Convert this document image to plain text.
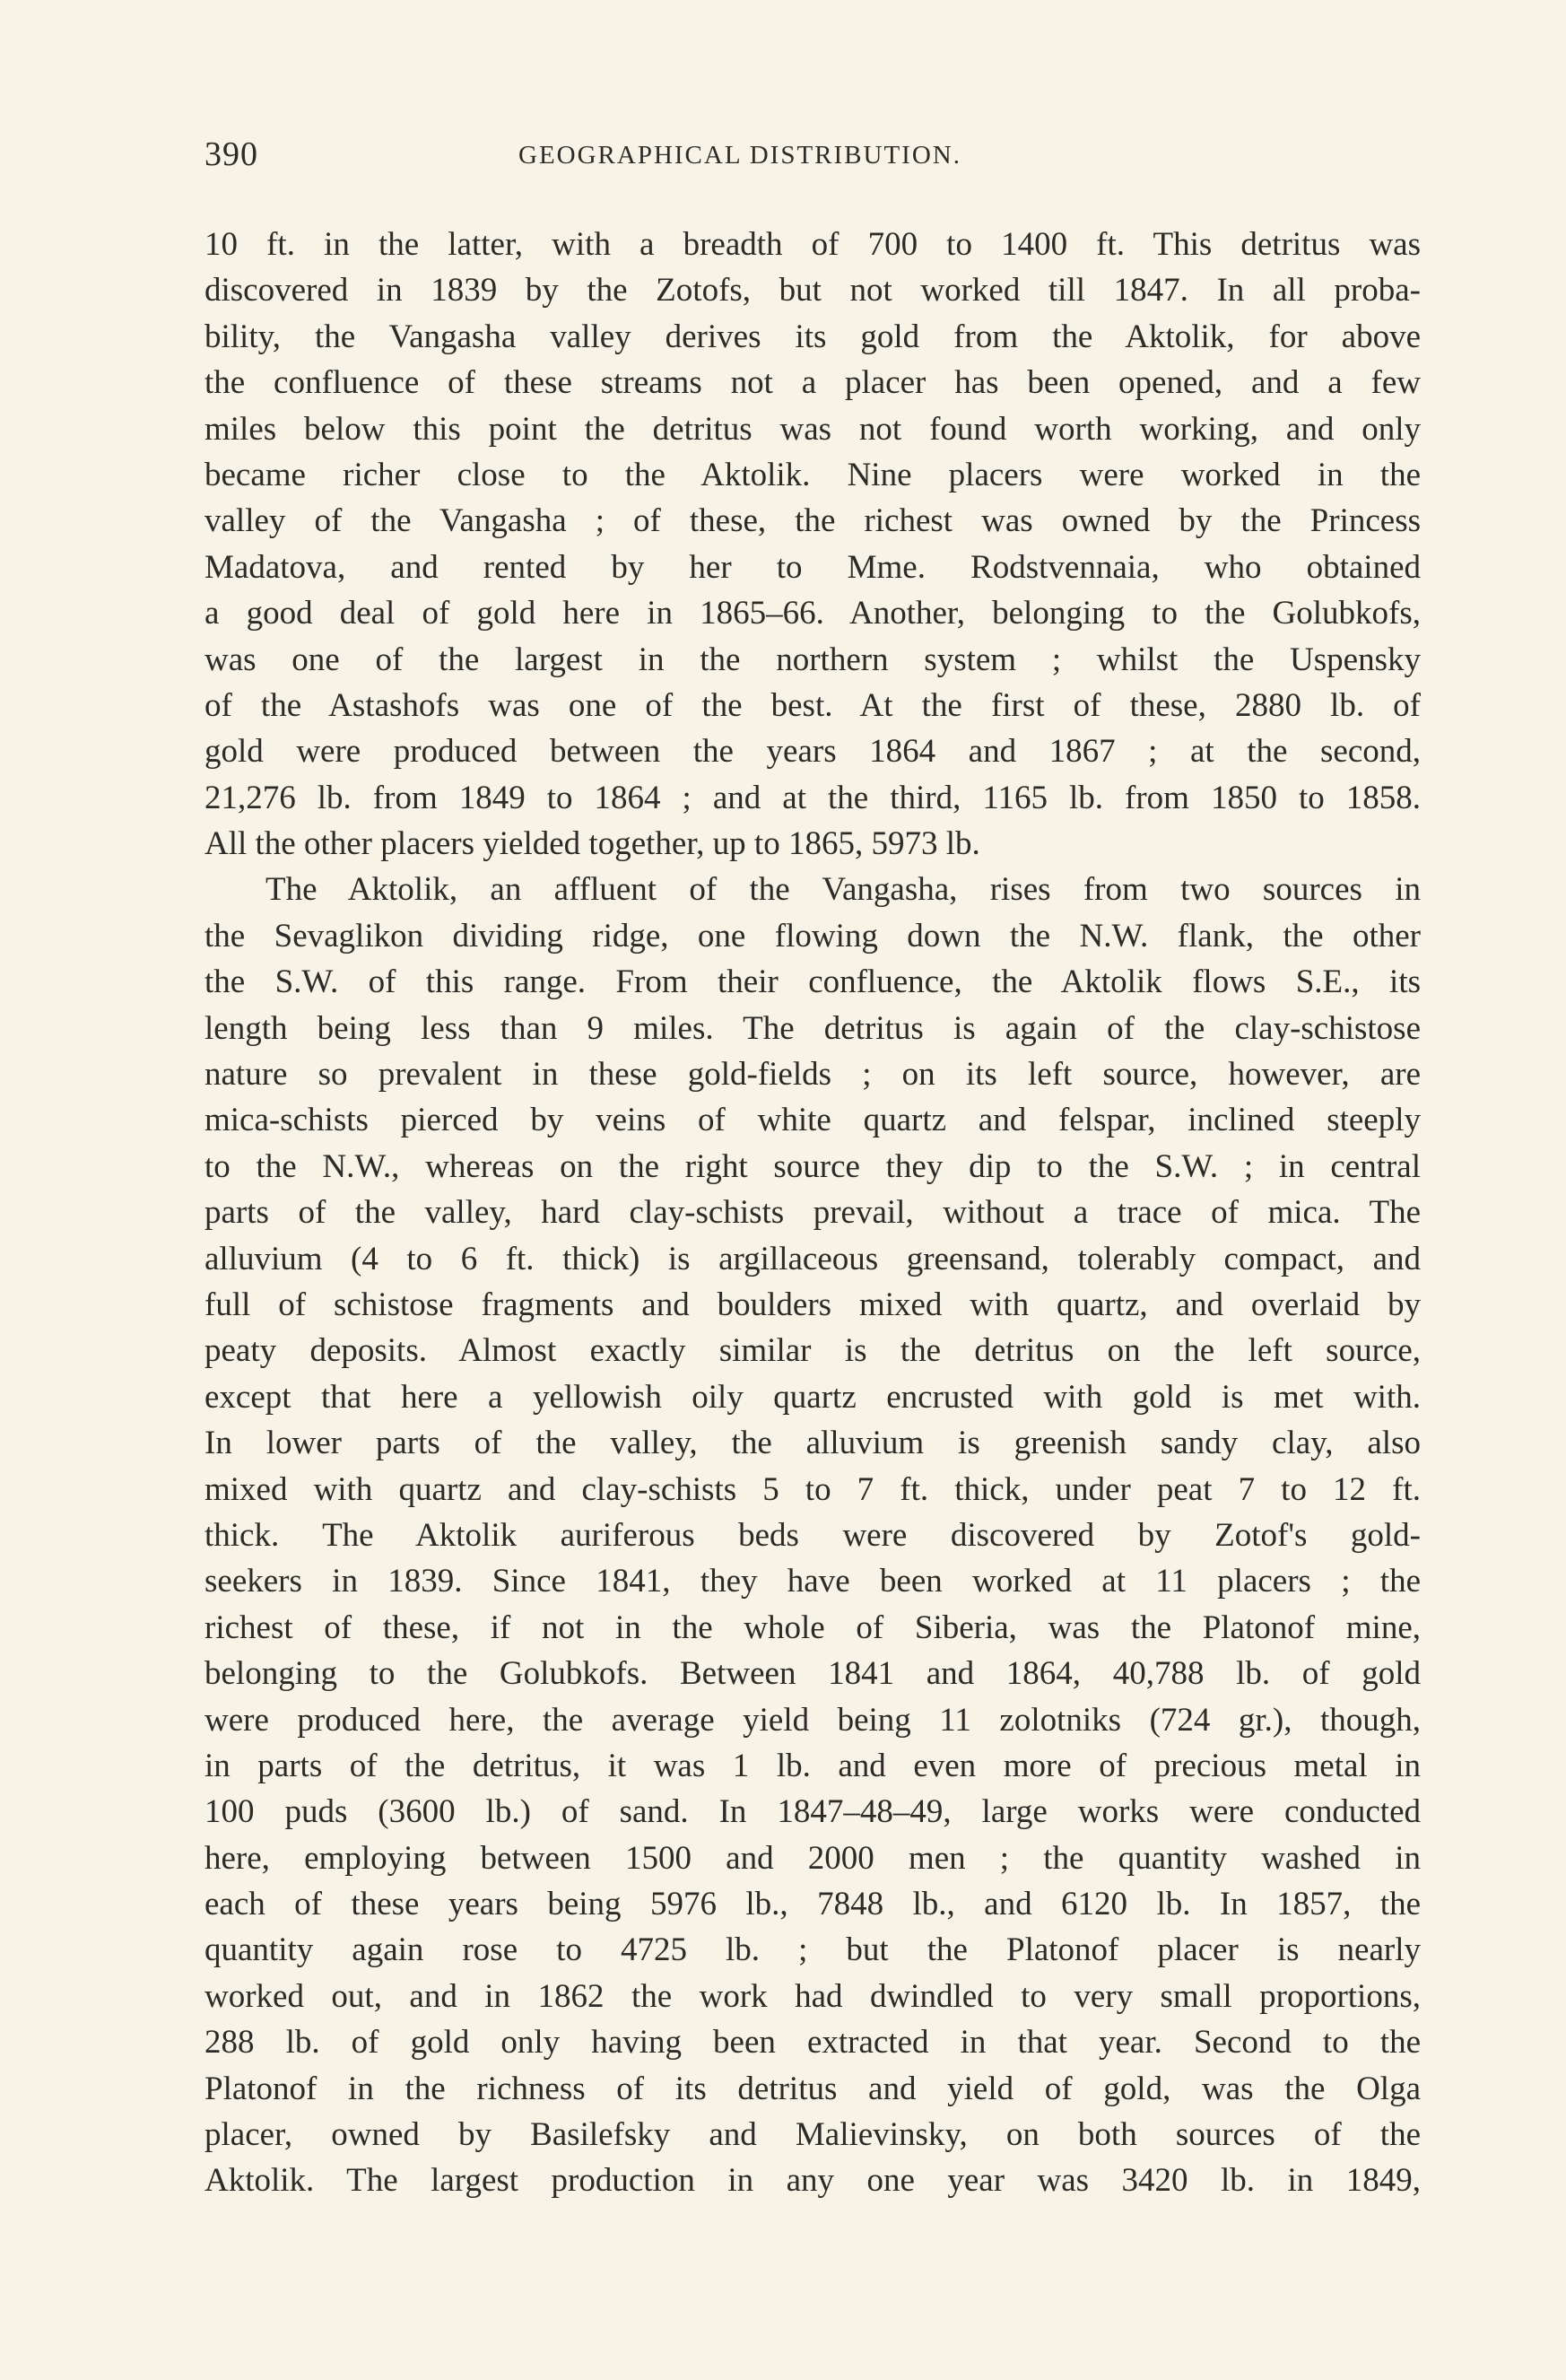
390	GEOGRAPHICAL DISTRIBUTION.
10 ft. in the latter, with a breadth of 700 to 1400 ft. This detritus was
discovered in 1839 by the Zotofs, but not worked till 1847. In all proba-
bility, the Vangasha valley derives its gold from the Aktolik, for above
the confluence of these streams not a placer has been opened, and a few
miles below this point the detritus was not found worth working, and only
became richer close to the Aktolik. Nine placers were worked in the
valley of the Vangasha ; of these, the richest was owned by the Princess
Madatova, and rented by her to Mme. Rodstvennaia, who obtained
a good deal of gold here in 1865–66. Another, belonging to the Golubkofs,
was one of the largest in the northern system ; whilst the Uspensky
of the Astashofs was one of the best. At the first of these, 2880 lb. of
gold were produced between the years 1864 and 1867 ; at the second,
21,276 lb. from 1849 to 1864 ; and at the third, 1165 lb. from 1850 to 1858.
All the other placers yielded together, up to 1865, 5973 lb.
The Aktolik, an affluent of the Vangasha, rises from two sources in
the Sevaglikon dividing ridge, one flowing down the N.W. flank, the other
the S.W. of this range. From their confluence, the Aktolik flows S.E., its
length being less than 9 miles. The detritus is again of the clay-schistose
nature so prevalent in these gold-fields ; on its left source, however, are
mica-schists pierced by veins of white quartz and felspar, inclined steeply
to the N.W., whereas on the right source they dip to the S.W. ; in central
parts of the valley, hard clay-schists prevail, without a trace of mica. The
alluvium (4 to 6 ft. thick) is argillaceous greensand, tolerably compact, and
full of schistose fragments and boulders mixed with quartz, and overlaid by
peaty deposits. Almost exactly similar is the detritus on the left source,
except that here a yellowish oily quartz encrusted with gold is met with.
In lower parts of the valley, the alluvium is greenish sandy clay, also
mixed with quartz and clay-schists 5 to 7 ft. thick, under peat 7 to 12 ft.
thick. The Aktolik auriferous beds were discovered by Zotof's gold-
seekers in 1839. Since 1841, they have been worked at 11 placers ; the
richest of these, if not in the whole of Siberia, was the Platonof mine,
belonging to the Golubkofs. Between 1841 and 1864, 40,788 lb. of gold
were produced here, the average yield being 11 zolotniks (724 gr.), though,
in parts of the detritus, it was 1 lb. and even more of precious metal in
100 puds (3600 lb.) of sand. In 1847–48–49, large works were conducted
here, employing between 1500 and 2000 men ; the quantity washed in
each of these years being 5976 lb., 7848 lb., and 6120 lb. In 1857, the
quantity again rose to 4725 lb. ; but the Platonof placer is nearly
worked out, and in 1862 the work had dwindled to very small proportions,
288 lb. of gold only having been extracted in that year. Second to the
Platonof in the richness of its detritus and yield of gold, was the Olga
placer, owned by Basilefsky and Malievinsky, on both sources of the
Aktolik. The largest production in any one year was 3420 lb. in 1849,
